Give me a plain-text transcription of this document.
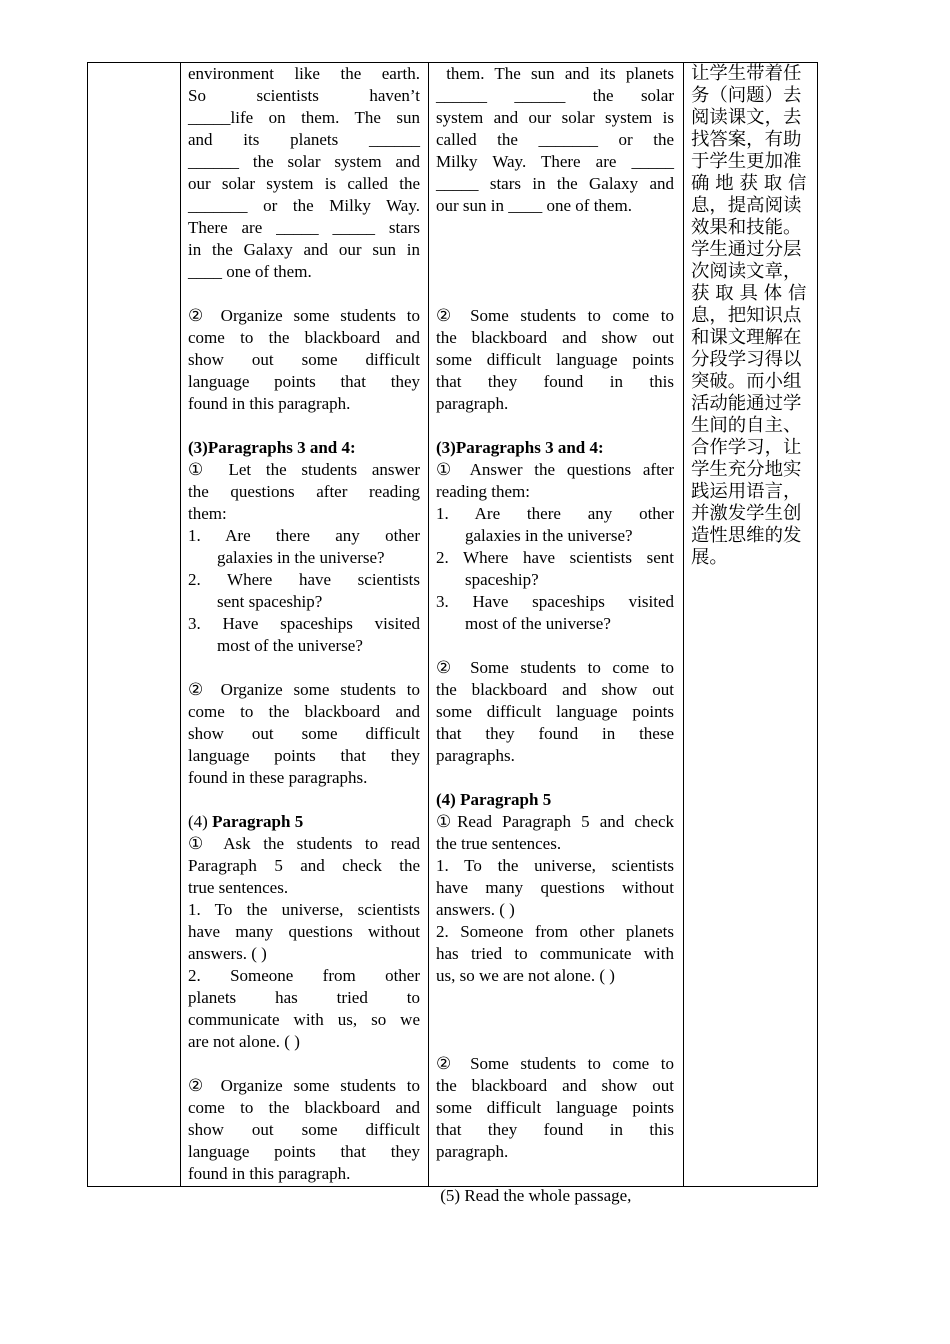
environment like the earth.

So scientists haven’t

_____life on them. The sun

and its planets ______

______ the solar system and

our solar system is called the

_______ or the Milky Way.

There are _____ _____ stars

in the Galaxy and our sun in

____ one of them.

② Organize some students to

come to the blackboard and

show out some difficult

language points that they

found in this paragraph.

(3)Paragraphs 3 and 4:

① Let the students answer

the questions after reading

them:

1. Are there any other

galaxies in the universe?

2. Where have scientists

sent spaceship?

3. Have spaceships visited

most of the universe?

② Organize some students to

come to the blackboard and

show out some difficult

language points that they

found in these paragraphs.

(4) Paragraph 5

① Ask the students to read

Paragraph 5 and check the

true sentences.

1. To the universe, scientists

have many questions without

answers. ( )

2. Someone from other

planets has tried to

communicate with us, so we

are not alone. ( )

② Organize some students to

come to the blackboard and

show out some difficult

language points that they

found in this paragraph.

them. The sun and its planets

______ ______ the solar

system and our solar system is

called the _______ or the

Milky Way. There are _____

_____ stars in the Galaxy and

our sun in ____ one of them.

② Some students to come to

the blackboard and show out

some difficult language points

that they found in this

paragraph.

(3)Paragraphs 3 and 4:

① Answer the questions after

reading them:

1. Are there any other

galaxies in the universe?

2. Where have scientists sent

spaceship?

3. Have spaceships visited

most of the universe?

② Some students to come to

the blackboard and show out

some difficult language points

that they found in these

paragraphs.

(4) Paragraph 5

①Read Paragraph 5 and check

the true sentences.

1. To the universe, scientists

have many questions without

answers. ( )

2. Someone from other planets

has tried to communicate with

us, so we are not alone. ( )

② Some students to come to

the blackboard and show out

some difficult language points

that they found in this

paragraph.

(5) Read the whole passage,

让学生带着任

务（问题）去

阅读课文，去

找答案，有助

于学生更加准

确 地 获 取 信

息，提高阅读

效果和技能。

学生通过分层

次阅读文章，

获 取 具 体 信

息，把知识点

和课文理解在

分段学习得以

突破。而小组

活动能通过学

生间的自主、

合作学习，让

学生充分地实

践运用语言，

并激发学生创

造性思维的发

展。
